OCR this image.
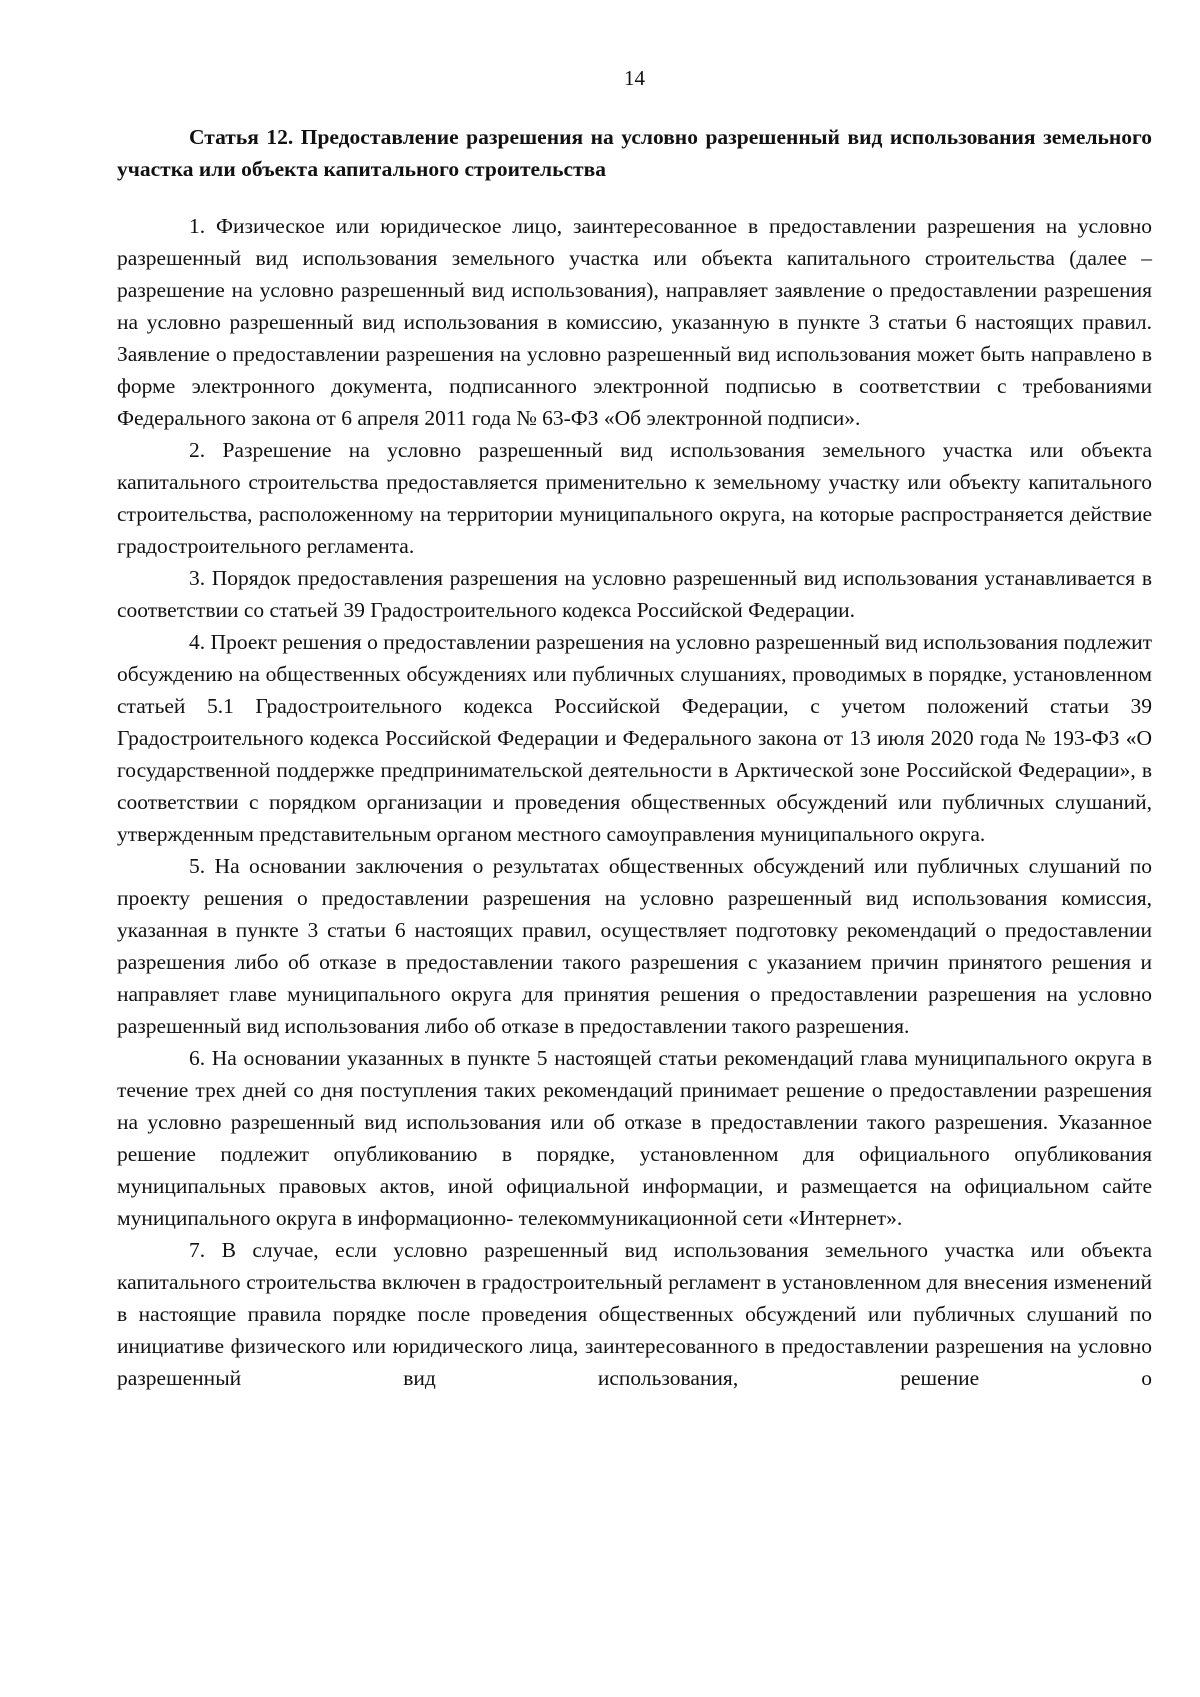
14
Статья 12. Предоставление разрешения на условно разрешенный вид использования земельного участка или объекта капитального строительства

1. Физическое или юридическое лицо, заинтересованное в предоставлении разрешения на условно разрешенный вид использования земельного участка или объекта капитального строительства (далее – разрешение на условно разрешенный вид использования), направляет заявление о предоставлении разрешения на условно разрешенный вид использования в комиссию, указанную в пункте 3 статьи 6 настоящих правил. Заявление о предоставлении разрешения на условно разрешенный вид использования может быть направлено в форме электронного документа, подписанного электронной подписью в соответствии с требованиями Федерального закона от 6 апреля 2011 года № 63-ФЗ «Об электронной подписи».

2. Разрешение на условно разрешенный вид использования земельного участка или объекта капитального строительства предоставляется применительно к земельному участку или объекту капитального строительства, расположенному на территории муниципального округа, на которые распространяется действие градостроительного регламента.

3. Порядок предоставления разрешения на условно разрешенный вид использования устанавливается в соответствии со статьей 39 Градостроительного кодекса Российской Федерации.

4. Проект решения о предоставлении разрешения на условно разрешенный вид использования подлежит обсуждению на общественных обсуждениях или публичных слушаниях, проводимых в порядке, установленном статьей 5.1 Градостроительного кодекса Российской Федерации, с учетом положений статьи 39 Градостроительного кодекса Российской Федерации и Федерального закона от 13 июля 2020 года № 193-ФЗ «О государственной поддержке предпринимательской деятельности в Арктической зоне Российской Федерации», в соответствии с порядком организации и проведения общественных обсуждений или публичных слушаний, утвержденным представительным органом местного самоуправления муниципального округа.

5. На основании заключения о результатах общественных обсуждений или публичных слушаний по проекту решения о предоставлении разрешения на условно разрешенный вид использования комиссия, указанная в пункте 3 статьи 6 настоящих правил, осуществляет подготовку рекомендаций о предоставлении разрешения либо об отказе в предоставлении такого разрешения с указанием причин принятого решения и направляет главе муниципального округа для принятия решения о предоставлении разрешения на условно разрешенный вид использования либо об отказе в предоставлении такого разрешения.

6. На основании указанных в пункте 5 настоящей статьи рекомендаций глава муниципального округа в течение трех дней со дня поступления таких рекомендаций принимает решение о предоставлении разрешения на условно разрешенный вид использования или об отказе в предоставлении такого разрешения. Указанное решение подлежит опубликованию в порядке, установленном для официального опубликования муниципальных правовых актов, иной официальной информации, и размещается на официальном сайте муниципального округа в информационно- телекоммуникационной сети «Интернет».

7. В случае, если условно разрешенный вид использования земельного участка или объекта капитального строительства включен в градостроительный регламент в установленном для внесения изменений в настоящие правила порядке после проведения общественных обсуждений или публичных слушаний по инициативе физического или юридического лица, заинтересованного в предоставлении разрешения на условно разрешенный вид использования, решение о
